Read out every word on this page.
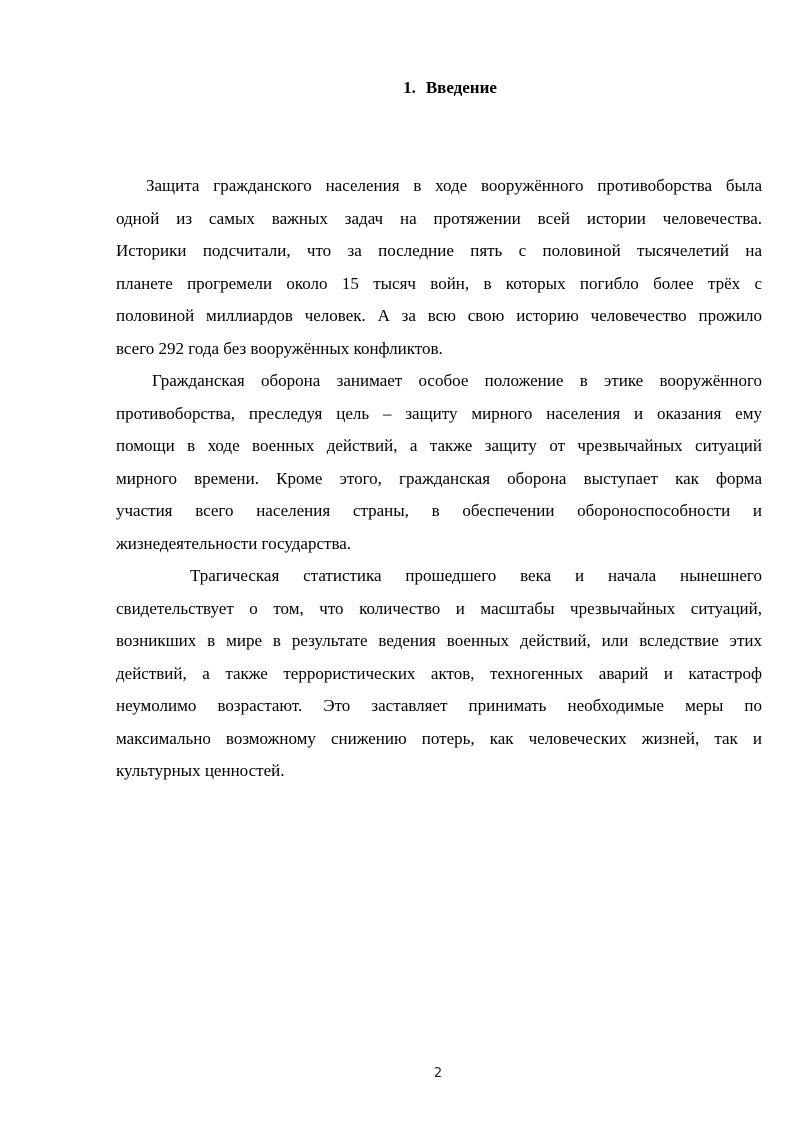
1. Введение
Защита гражданского населения в ходе вооружённого противоборства была
одной из самых важных задач на протяжении всей истории человечества.
Историки подсчитали, что за последние пять с половиной тысячелетий на
планете прогремели около 15 тысяч войн, в которых погибло более трёх с
половиной миллиардов человек. А за всю свою историю человечество прожило
всего 292 года без вооружённых конфликтов.
Гражданская оборона занимает особое положение в этике вооружённого
противоборства, преследуя цель – защиту мирного населения и оказания ему
помощи в ходе военных действий, а также защиту от чрезвычайных ситуаций
мирного времени. Кроме этого, гражданская оборона выступает как форма
участия всего населения страны, в обеспечении обороноспособности и
жизнедеятельности государства.
Трагическая статистика прошедшего века и начала нынешнего
свидетельствует о том, что количество и масштабы чрезвычайных ситуаций,
возникших в мире в результате ведения военных действий, или вследствие этих
действий, а также террористических актов, техногенных аварий и катастроф
неумолимо возрастают. Это заставляет принимать необходимые меры по
максимально возможному снижению потерь, как человеческих жизней, так и
культурных ценностей.
2
